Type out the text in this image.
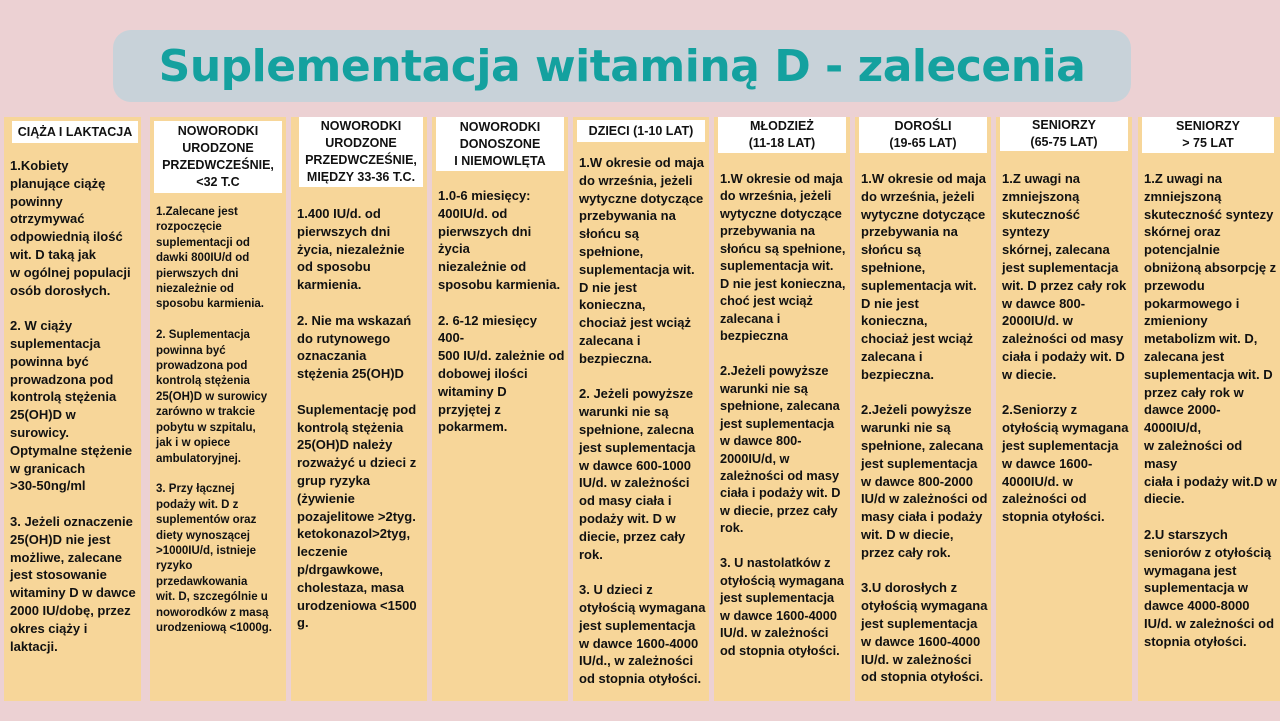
Suplementacja witaminą D - zalecenia
CIĄŻA I LAKTACJA
1.Kobiety
planujące ciążę
powinny
otrzymywać
odpowiednią ilość
wit. D taką jak
w ogólnej populacji
osób dorosłych.

2. W ciąży
suplementacja
powinna być
prowadzona pod
kontrolą stężenia
25(OH)D w surowicy.
Optymalne stężenie
w granicach
>30-50ng/ml

3. Jeżeli oznaczenie
25(OH)D nie jest
możliwe, zalecane
jest stosowanie
witaminy D w dawce
2000 IU/dobę, przez
okres ciąży i laktacji.
NOWORODKI
URODZONE
PRZEDWCZEŚNIE,
<32 T.C
1.Zalecane jest
rozpoczęcie
suplementacji od
dawki 800IU/d od
pierwszych dni
niezależnie od
sposobu karmienia.

2. Suplementacja
powinna być
prowadzona pod
kontrolą stężenia
25(OH)D w surowicy
zarówno w trakcie
pobytu w szpitalu,
jak i w opiece
ambulatoryjnej.

3. Przy łącznej
podaży wit. D z
suplementów oraz
diety wynoszącej
>1000IU/d, istnieje
ryzyko
przedawkowania
wit. D, szczególnie u
noworodków z masą
urodzeniową <1000g.
NOWORODKI
URODZONE
PRZEDWCZEŚNIE,
MIĘDZY 33-36 T.C.
1.400 IU/d. od
pierwszych dni
życia, niezależnie
od sposobu
karmienia.

2. Nie ma wskazań
do rutynowego
oznaczania
stężenia 25(OH)D

Suplementację pod
kontrolą stężenia
25(OH)D należy
rozważyć u dzieci z
grup ryzyka
(żywienie
pozajelitowe >2tyg.
ketokonazol>2tyg,
leczenie
p/drgawkowe,
cholestaza, masa
urodzeniowa <1500
g.
NOWORODKI
DONOSZONE
I NIEMOWLĘTA
1.0-6 miesięcy:
400IU/d. od
pierwszych dni życia
niezależnie od
sposobu karmienia.

2. 6-12 miesięcy 400-
500 IU/d. zależnie od
dobowej ilości
witaminy D
przyjętej z
pokarmem.
DZIECI (1-10 LAT)
1.W okresie od maja
do września, jeżeli
wytyczne dotyczące
przebywania na
słońcu są spełnione,
suplementacja wit.
D nie jest konieczna,
chociaż jest wciąż
zalecana i
bezpieczna.

2. Jeżeli powyższe
warunki nie są
spełnione, zalecna
jest suplementacja
w dawce 600-1000
IU/d. w zależności
od masy ciała i
podaży wit. D w
diecie, przez cały
rok.

3. U dzieci z
otyłością wymagana
jest suplementacja
w dawce 1600-4000
IU/d., w zależności
od stopnia otyłości.
MŁODZIEŻ
(11-18 LAT)
1.W okresie od maja
do września, jeżeli
wytyczne dotyczące
przebywania na
słońcu są spełnione,
suplementacja wit.
D nie jest konieczna,
choć jest wciąż
zalecana i
bezpieczna

2.Jeżeli powyższe
warunki nie są
spełnione, zalecana
jest suplementacja
w dawce 800-
2000IU/d, w
zależności od masy
ciała i podaży wit. D
w diecie, przez cały
rok.

3. U nastolatków z
otyłością wymagana
jest suplementacja
w dawce 1600-4000
IU/d. w zależności
od stopnia otyłości.
DOROŚLI
(19-65 LAT)
1.W okresie od maja
do września, jeżeli
wytyczne dotyczące
przebywania na
słońcu są spełnione,
suplementacja wit.
D nie jest konieczna,
chociaż jest wciąż
zalecana i
bezpieczna.

2.Jeżeli powyższe
warunki nie są
spełnione, zalecana
jest suplementacja
w dawce 800-2000
IU/d w zależności od
masy ciała i podaży
wit. D w diecie,
przez cały rok.

3.U dorosłych z
otyłością wymagana
jest suplementacja
w dawce 1600-4000
IU/d. w zależności
od stopnia otyłości.
SENIORZY
(65-75 LAT)
1.Z uwagi na
zmniejszoną
skuteczność syntezy
skórnej, zalecana
jest suplementacja
wit. D przez cały rok
w dawce 800-
2000IU/d. w
zależności od masy
ciała i podaży wit. D
w diecie.

2.Seniorzy z
otyłością wymagana
jest suplementacja
w dawce 1600-
4000IU/d. w
zależności od
stopnia otyłości.
SENIORZY
> 75 LAT
1.Z uwagi na
zmniejszoną
skuteczność syntezy
skórnej oraz
potencjalnie
obniżoną absorpcję z
przewodu
pokarmowego i
zmieniony
metabolizm wit. D,
zalecana jest
suplementacja wit. D
przez cały rok w
dawce 2000-4000IU/d,
w zależności od masy
ciała i podaży wit.D w
diecie.

2.U starszych
seniorów z otyłością
wymagana jest
suplementacja w
dawce 4000-8000
IU/d. w zależności od
stopnia otyłości.
